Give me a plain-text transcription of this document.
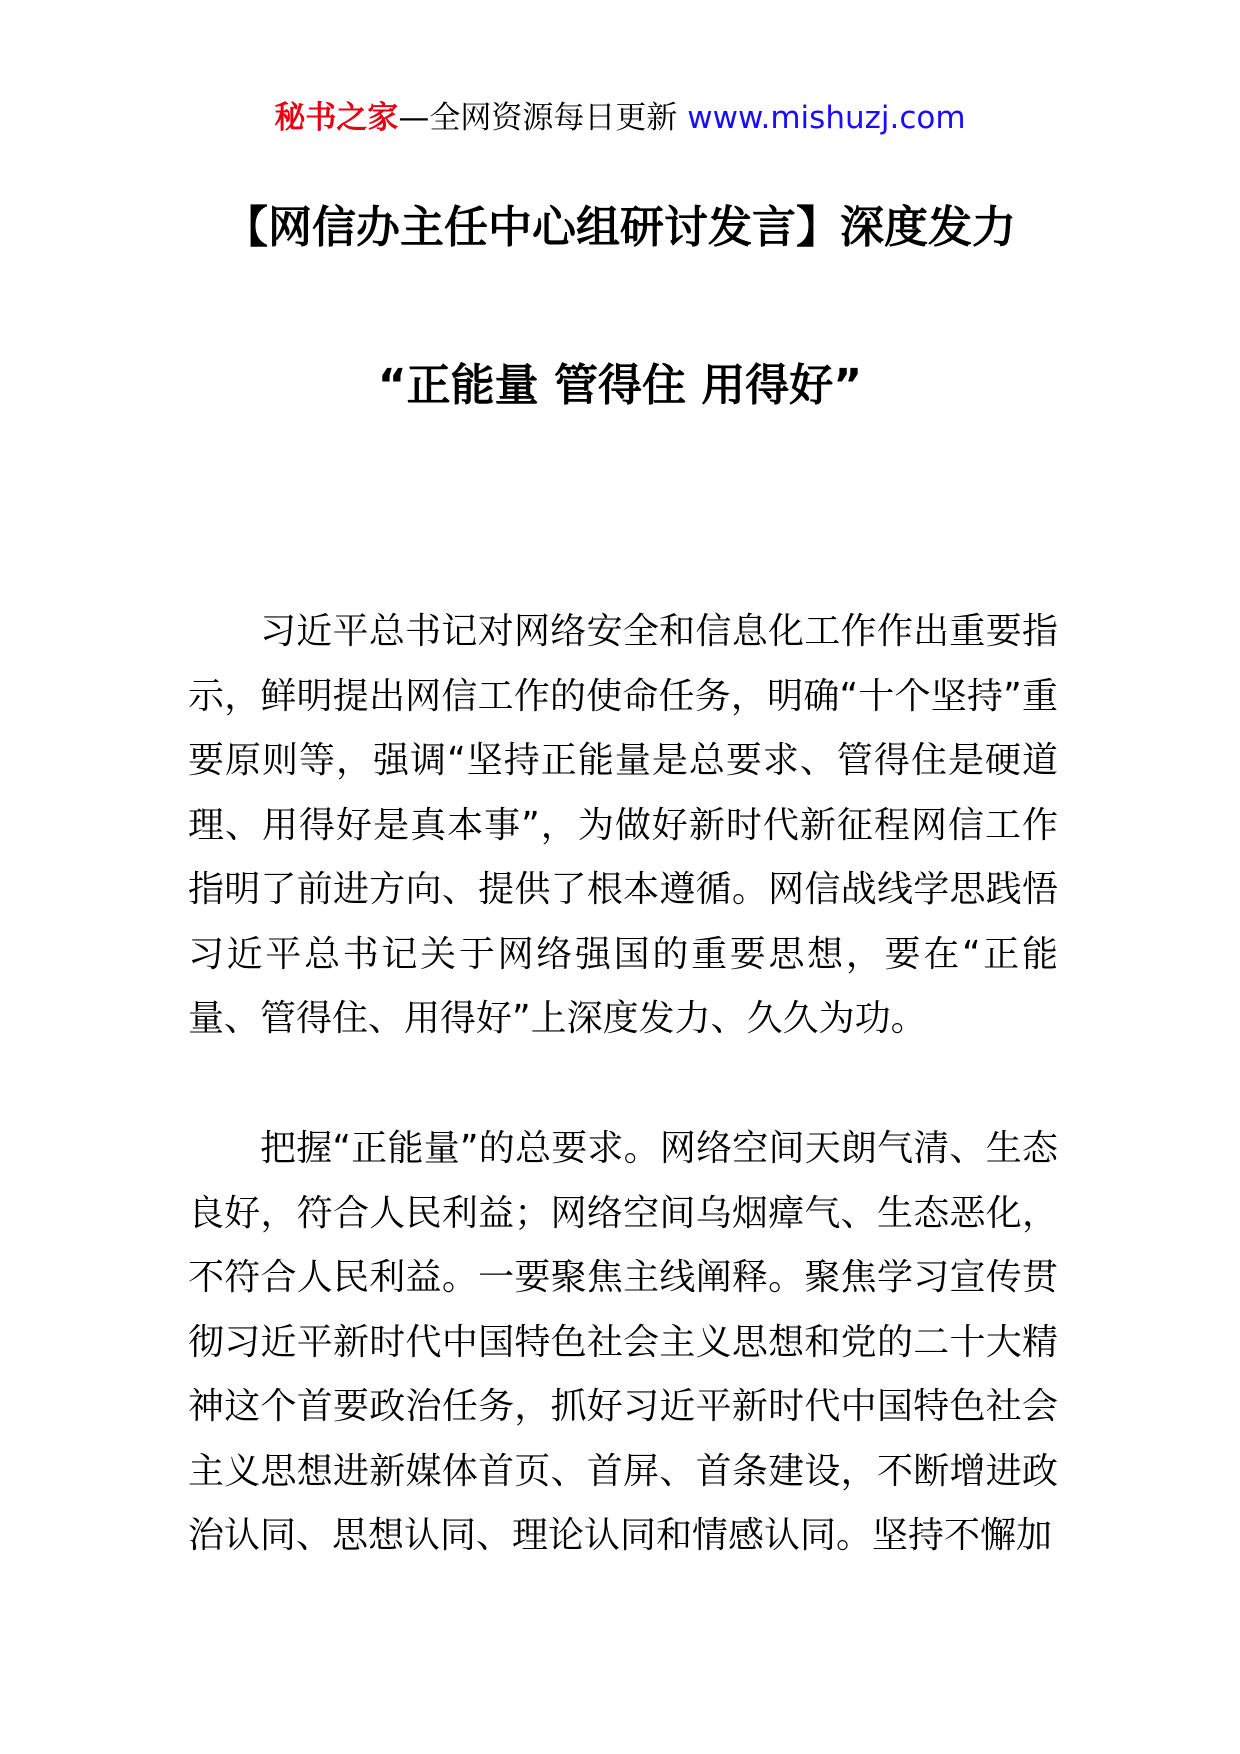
秘书之家—全网资源每日更新 www.mishuzj.com
【网信办主任中心组研讨发言】深度发力
“正能量 管得住 用得好”

习近平总书记对网络安全和信息化工作作出重要指示，鲜明提出网信工作的使命任务，明确“十个坚持”重要原则等，强调“坚持正能量是总要求、管得住是硬道理、用得好是真本事”，为做好新时代新征程网信工作指明了前进方向、提供了根本遵循。网信战线学思践悟习近平总书记关于网络强国的重要思想，要在“正能量、管得住、用得好”上深度发力、久久为功。

把握“正能量”的总要求。网络空间天朗气清、生态良好，符合人民利益；网络空间乌烟瘴气、生态恶化，不符合人民利益。一要聚焦主线阐释。聚焦学习宣传贯彻习近平新时代中国特色社会主义思想和党的二十大精神这个首要政治任务，抓好习近平新时代中国特色社会主义思想进新媒体首页、首屏、首条建设，不断增进政治认同、思想认同、理论认同和情感认同。坚持不懈加
